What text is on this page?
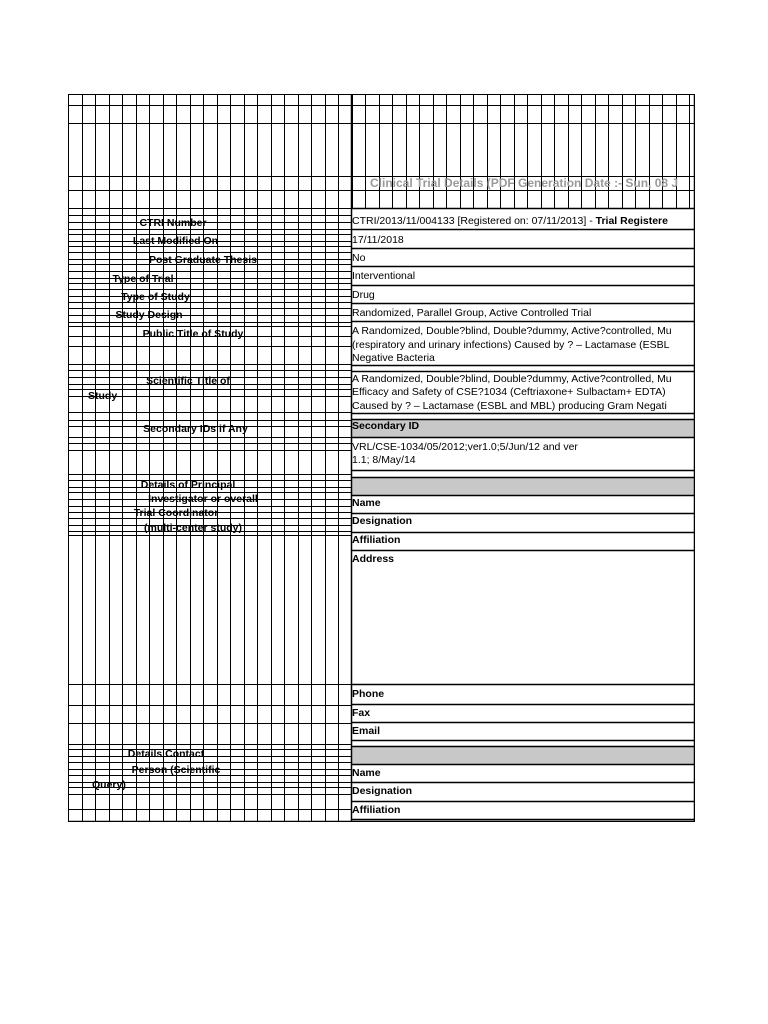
Clinical Trial Details (PDF Generation Date :- Sun, 08 J
CTRI Number
Last Modified On
Post Graduate Thesis
Type of Trial
Type of Study
Study Design
Public Title of Study
Scientific Title of
Study
Secondary IDs if Any
Details of Principal
Investigator or overall
Trial Coordinator
(multi-center study)
Details Contact
Person (Scientific
Query)
CTRI/2013/11/004133 [Registered on: 07/11/2013] - Trial Registere
17/11/2018
No
Interventional
Drug
Randomized, Parallel Group, Active Controlled Trial
A Randomized, Double?blind, Double?dummy, Active?controlled, Mu
(respiratory and urinary infections) Caused by ? – Lactamase (ESBL
Negative Bacteria
A Randomized, Double?blind, Double?dummy, Active?controlled, Mu
Efficacy and Safety of CSE?1034 (Ceftriaxone+ Sulbactam+ EDTA)
Caused by ? – Lactamase (ESBL and MBL) producing Gram Negati
Secondary ID
VRL/CSE-1034/05/2012;ver1.0;5/Jun/12 and ver
1.1; 8/May/14
Name
Designation
Affiliation
Address
Phone
Fax
Email
Name
Designation
Affiliation
